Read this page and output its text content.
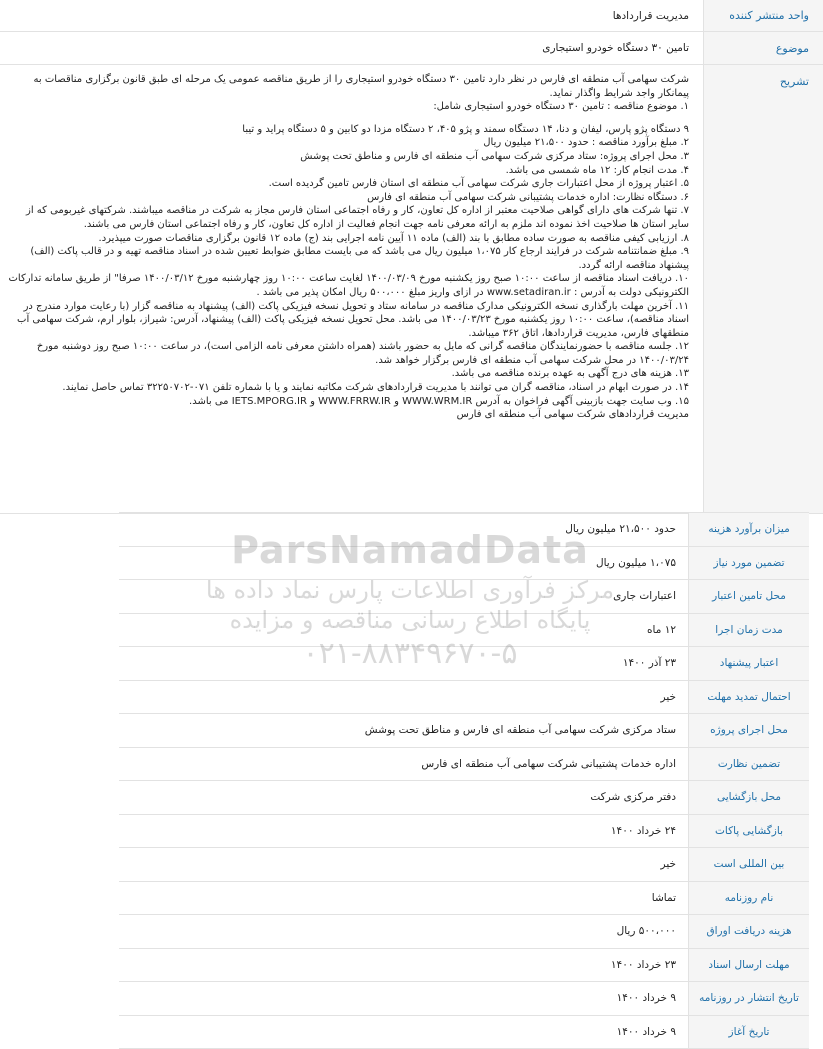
واحد منتشر کننده
مدیریت قراردادها
موضوع
تامین ۳۰ دستگاه خودرو استیجاری
تشریح

شرکت سهامی آب منطقه ای فارس در نظر دارد تامین ۳۰ دستگاه خودرو استیجاری را از طریق مناقصه عمومی یک مرحله ای طبق قانون برگزاری مناقصات به پیمانکار واجد شرایط واگذار نماید.

۱. موضوع مناقصه : تامین ۳۰ دستگاه خودرو استیجاری شامل:

۹ دستگاه پژو پارس، لیفان و دنا، ۱۴ دستگاه سمند و پژو ۴۰۵، ۲ دستگاه مزدا دو کابین و ۵ دستگاه پراید و تیبا

۲. مبلغ برآورد مناقصه : حدود ۲۱،۵۰۰ میلیون ریال

۳. محل اجرای پروژه: ستاد مرکزی شرکت سهامی آب منطقه ای فارس و مناطق تحت پوشش

۴. مدت انجام کار: ۱۲ ماه شمسی می باشد.

۵. اعتبار پروژه از محل اعتبارات جاری شرکت سهامی آب منطقه ای استان فارس تامین گردیده است.

۶. دستگاه نظارت: اداره خدمات پشتیبانی شرکت سهامی آب منطقه ای فارس

۷. تنها شرکت های دارای گواهی صلاحیت معتبر از اداره کل تعاون، کار و رفاه اجتماعی استان فارس مجاز به شرکت در مناقصه میباشند. شرکتهای غیربومی که از سایر استان ها صلاحیت اخذ نموده اند ملزم به ارائه معرفی نامه جهت انجام فعالیت از اداره کل تعاون، کار و رفاه اجتماعی استان فارس می باشند.

۸. ارزیابی کیفی مناقصه به صورت ساده مطابق با بند (الف) ماده ۱۱ آیین نامه اجرایی بند (ج) ماده ۱۲ قانون برگزاری مناقصات صورت میپذیرد.

۹. مبلغ ضمانتنامه شرکت در فرایند ارجاع کار ۱،۰۷۵ میلیون ریال می باشد که می بایست مطابق ضوابط تعیین شده در اسناد مناقصه تهیه و در قالب پاکت (الف) پیشنهاد مناقصه ارائه گردد.

۱۰. دریافت اسناد مناقصه از ساعت ۱۰:۰۰ صبح روز یکشنبه مورخ ۱۴۰۰/۰۳/۰۹ لغایت ساعت ۱۰:۰۰ روز چهارشنبه مورخ ۱۴۰۰/۰۳/۱۲ صرفا" از طریق سامانه تدارکات الکترونیکی دولت به آدرس : www.setadiran.ir در ازای واریز مبلغ ۵۰۰،۰۰۰ ریال امکان پذیر می باشد .

۱۱. آخرین مهلت بارگذاری نسخه الکترونیکی مدارک مناقصه در سامانه ستاد و تحویل نسخه فیزیکی پاکت (الف) پیشنهاد به مناقصه گزار (با رعایت موارد مندرج در اسناد مناقصه)، ساعت ۱۰:۰۰ روز یکشنبه مورخ ۱۴۰۰/۰۳/۲۳ می باشد. محل تحویل نسخه فیزیکی پاکت (الف) پیشنهاد، آدرس: شیراز، بلوار ارم، شرکت سهامی آب منطقهای فارس، مدیریت قراردادها، اتاق ۳۶۲ میباشد.

۱۲. جلسه مناقصه با حضورنمایندگان مناقصه گرانی که مایل به حضور باشند (همراه داشتن معرفی نامه الزامی است)، در ساعت ۱۰:۰۰ صبح روز دوشنبه مورخ ۱۴۰۰/۰۳/۲۴ در محل شرکت سهامی آب منطقه ای فارس برگزار خواهد شد.

۱۳. هزینه های درج آگهی به عهده برنده مناقصه می باشد.

۱۴. در صورت ابهام در اسناد، مناقصه گران می توانند با مدیریت قراردادهای شرکت مکاتبه نمایند و یا با شماره تلفن ۰۷۱-۳۲۲۵۰۷۰۲ تماس حاصل نمایند.

۱۵. وب سایت جهت بازبینی آگهی فراخوان به آدرس WWW.WRM.IR و WWW.FRRW.IR و IETS.MPORG.IR می باشد.

مدیریت قراردادهای شرکت سهامی آب منطقه ای فارس

میزان برآورد هزینه
حدود ۲۱،۵۰۰ میلیون ریال
تضمین مورد نیاز
۱،۰۷۵ میلیون ریال
محل تامین اعتبار
اعتبارات جاری
مدت زمان اجرا
۱۲ ماه
اعتبار پیشنهاد
۲۳ آذر ۱۴۰۰
احتمال تمدید مهلت
خیر
محل اجرای پروژه
ستاد مرکزی شرکت سهامی آب منطقه ای فارس و مناطق تحت پوشش
تضمین نظارت
اداره خدمات پشتیبانی شرکت سهامی آب منطقه ای فارس
محل بازگشایی
دفتر مرکزی شرکت
بازگشایی پاکات
۲۴ خرداد ۱۴۰۰
بین المللی است
خیر
نام روزنامه
تماشا
هزینه دریافت اوراق
۵۰۰،۰۰۰ ریال
مهلت ارسال اسناد
۲۳ خرداد ۱۴۰۰
تاریخ انتشار در روزنامه
۹ خرداد ۱۴۰۰
تاریخ آغاز
۹ خرداد ۱۴۰۰
ParsNamadData
مرکز فرآوری اطلاعات پارس نماد داده ها
پایگاه اطلاع رسانی مناقصه و مزایده
۰۲۱-۸۸۳۴۹۶۷۰-۵
